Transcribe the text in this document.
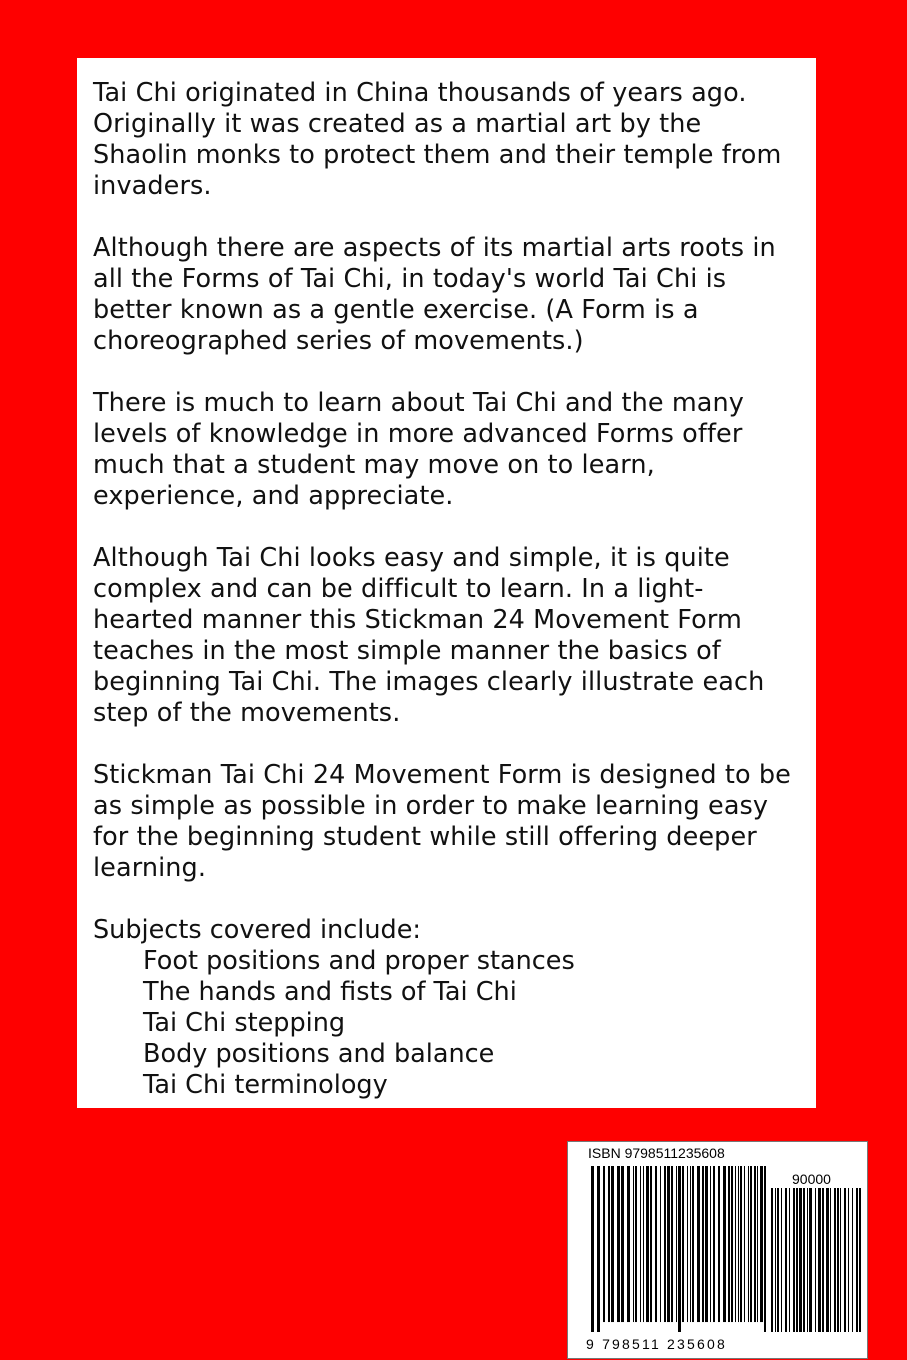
Tai Chi originated in China thousands of years ago. Originally it was created as a martial art by the Shaolin monks to protect them and their temple from invaders.

Although there are aspects of its martial arts roots in all the Forms of Tai Chi, in today's world Tai Chi is better known as a gentle exercise. (A Form is a choreographed series of movements.)

There is much to learn about Tai Chi and the many levels of knowledge in more advanced Forms offer much that a student may move on to learn, experience, and appreciate.

Although Tai Chi looks easy and simple, it is quite complex and can be difficult to learn. In a light-hearted manner this Stickman 24 Movement Form teaches in the most simple manner the basics of beginning Tai Chi. The images clearly illustrate each step of the movements.

Stickman Tai Chi 24 Movement Form is designed to be as simple as possible in order to make learning easy for the beginning student while still offering deeper learning.

Subjects covered include:

Foot positions and proper stances
The hands and fists of Tai Chi
Tai Chi stepping
Body positions and balance
Tai Chi terminology
ISBN 9798511235608
90000
9 798511 235608
